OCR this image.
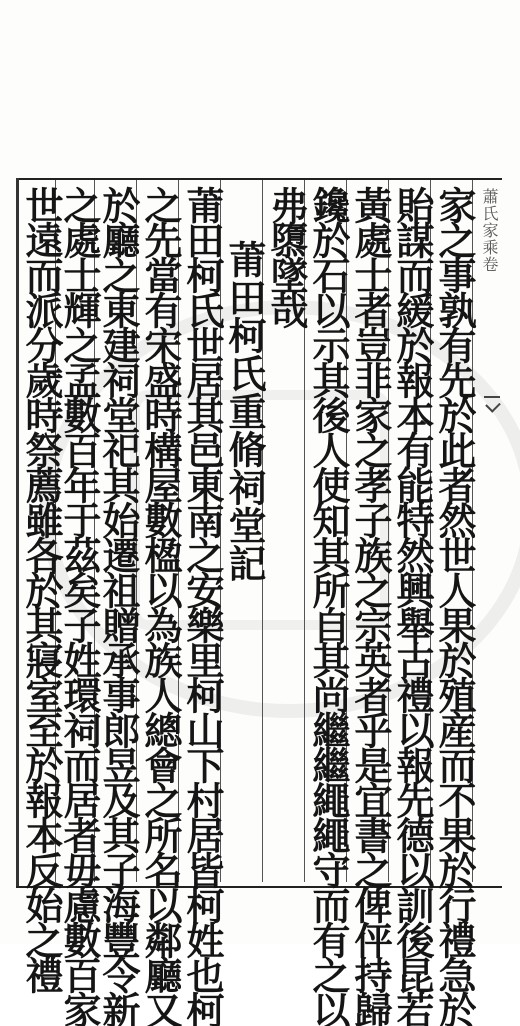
蕭氏家乘卷
家之事孰有先於此者然世人果於殖産而不果於行禮急於
貽謀而緩於報本有能特然興舉古禮以報先德以訓後昆若
黃處士者豈非家之孝子族之宗英者乎是宜書之俾伻持歸
鑱於石以示其後人使知其所自其尚繼繼繩繩守而有之以
弗隳墜哉
莆田柯氏重脩祠堂記
莆田柯氏世居其邑東南之安樂里柯山下村居皆柯姓也柯
之先當有宋盛時構屋數楹以為族人總會之所名以鄰廳又
於廳之東建祠堂祀其始遷祖贈承事郎昱及其子海豐令新
之處士輝之孟數百年于茲矣子姓環祠而居者毋慮數百家
世遠而派分歲時祭薦雖各於其寢室至於報本反始之禮
